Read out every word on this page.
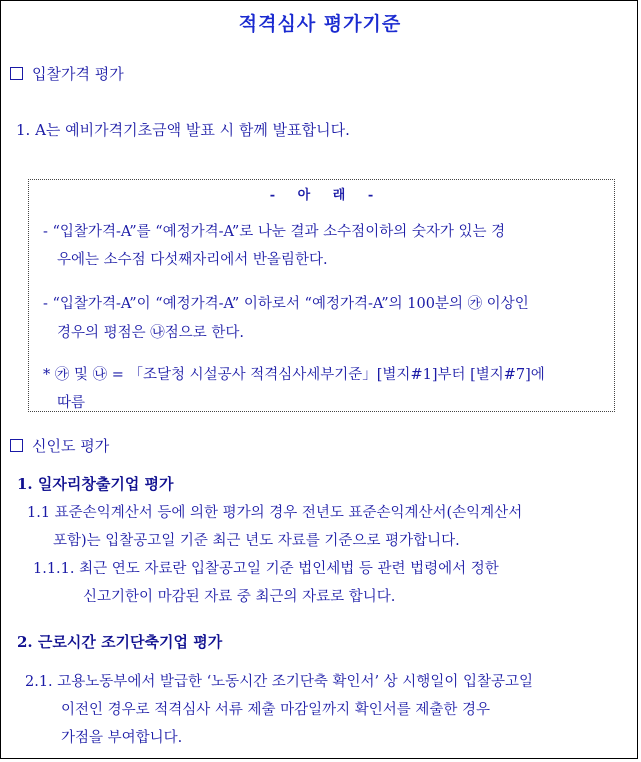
적격심사 평가기준
입찰가격 평가
1. A는 예비가격기초금액 발표 시 함께 발표합니다.
- 아 래 -
- “입찰가격-A”를 “예정가격-A”로 나눈 결과 소수점이하의 숫자가 있는 경
우에는 소수점 다섯째자리에서 반올림한다.
- “입찰가격-A”이 “예정가격-A” 이하로서 “예정가격-A”의 100분의 ㉮ 이상인
경우의 평점은 ㉯점으로 한다.
* ㉮ 및 ㉯ = 「조달청 시설공사 적격심사세부기준」[별지#1]부터 [별지#7]에
따름
신인도 평가
1. 일자리창출기업 평가
1.1 표준손익계산서 등에 의한 평가의 경우 전년도 표준손익계산서(손익계산서
포함)는 입찰공고일 기준 최근 년도 자료를 기준으로 평가합니다.
1.1.1. 최근 연도 자료란 입찰공고일 기준 법인세법 등 관련 법령에서 정한
신고기한이 마감된 자료 중 최근의 자료로 합니다.
2. 근로시간 조기단축기업 평가
2.1. 고용노동부에서 발급한 ‘노동시간 조기단축 확인서’ 상 시행일이 입찰공고일
이전인 경우로 적격심사 서류 제출 마감일까지 확인서를 제출한 경우
가점을 부여합니다.
